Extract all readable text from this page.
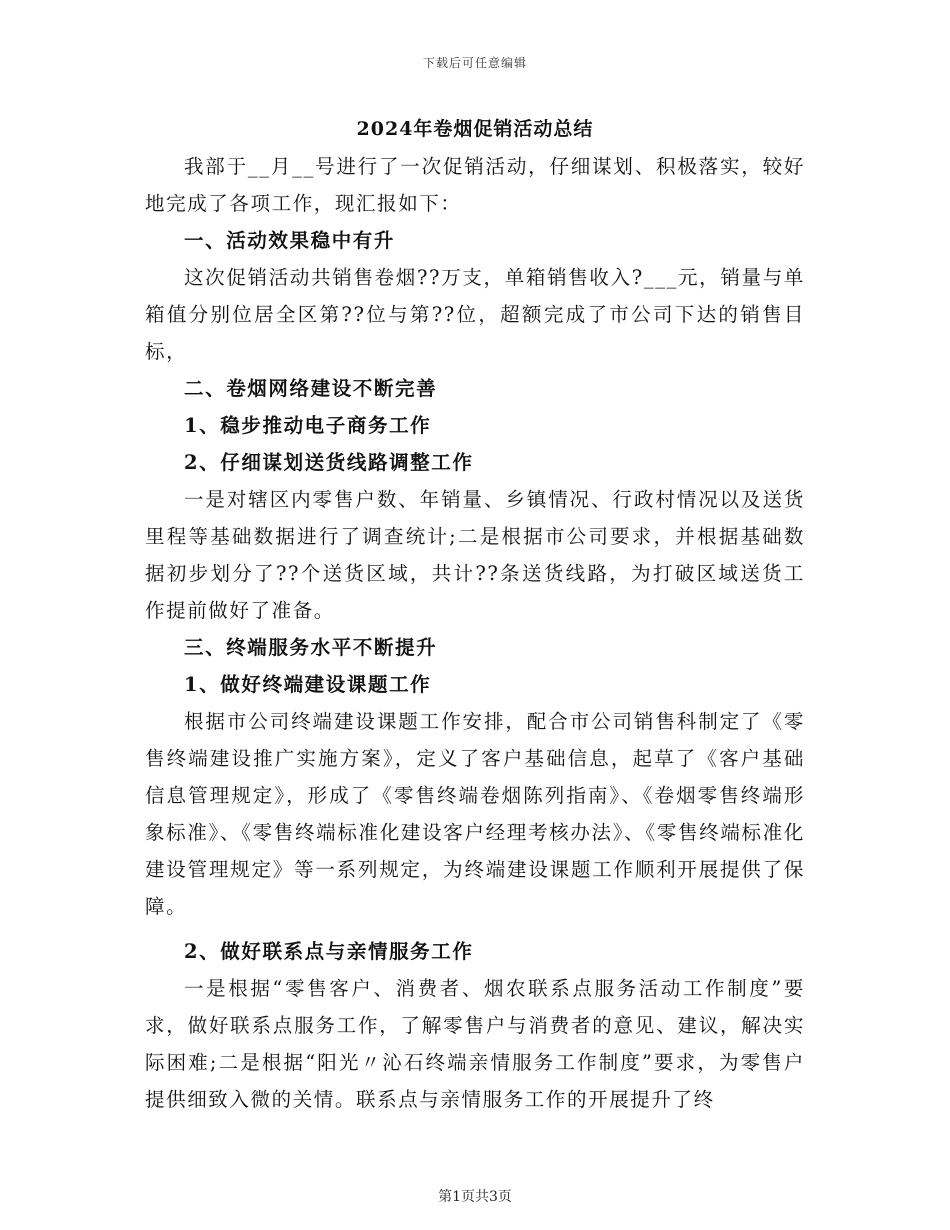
下载后可任意编辑
2024年卷烟促销活动总结

我部于__月__号进行了一次促销活动，仔细谋划、积极落实，较好地完成了各项工作，现汇报如下：

一、活动效果稳中有升

这次促销活动共销售卷烟??万支，单箱销售收入?___元，销量与单箱值分别位居全区第??位与第??位，超额完成了市公司下达的销售目标，

二、卷烟网络建设不断完善

1、稳步推动电子商务工作

2、仔细谋划送货线路调整工作

一是对辖区内零售户数、年销量、乡镇情况、行政村情况以及送货里程等基础数据进行了调查统计;二是根据市公司要求，并根据基础数据初步划分了??个送货区域，共计??条送货线路，为打破区域送货工作提前做好了准备。

三、终端服务水平不断提升

1、做好终端建设课题工作

根据市公司终端建设课题工作安排，配合市公司销售科制定了《零售终端建设推广实施方案》，定义了客户基础信息，起草了《客户基础信息管理规定》，形成了《零售终端卷烟陈列指南》、《卷烟零售终端形象标准》、《零售终端标准化建设客户经理考核办法》、《零售终端标准化建设管理规定》等一系列规定，为终端建设课题工作顺利开展提供了保障。

2、做好联系点与亲情服务工作

一是根据“零售客户、消费者、烟农联系点服务活动工作制度”要求，做好联系点服务工作，了解零售户与消费者的意见、建议，解决实际困难;二是根据“阳光〃沁石终端亲情服务工作制度”要求，为零售户提供细致入微的关情。联系点与亲情服务工作的开展提升了终

第1页共3页
